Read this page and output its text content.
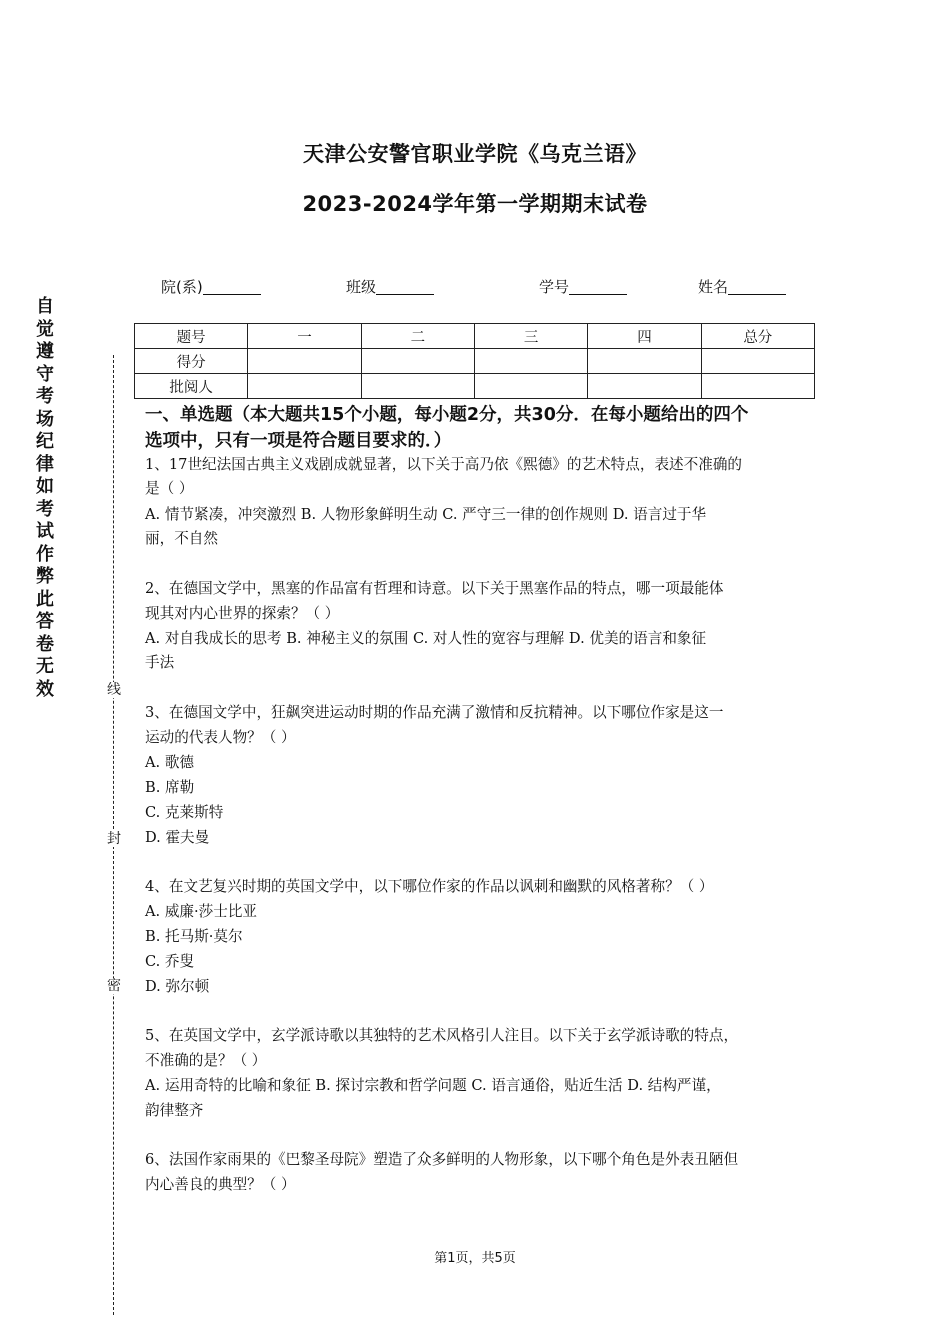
天津公安警官职业学院《乌克兰语》
2023-2024学年第一学期期末试卷
院(系)	班级	学号	姓名
自觉遵守考场纪律如考试作弊此答卷无效	线
封
密
题号	一	二	三	四	总分
得分					
批阅人					
一、单选题（本大题共15个小题，每小题2分，共30分．在每小题给出的四个
选项中，只有一项是符合题目要求的．）
1、17世纪法国古典主义戏剧成就显著，以下关于高乃依《熙德》的艺术特点，表述不准确的
是（ ）
A. 情节紧凑，冲突激烈 B. 人物形象鲜明生动 C. 严守三一律的创作规则 D. 语言过于华
丽，不自然
2、在德国文学中，黑塞的作品富有哲理和诗意。以下关于黑塞作品的特点，哪一项最能体
现其对内心世界的探索？（ ）
A. 对自我成长的思考 B. 神秘主义的氛围 C. 对人性的宽容与理解 D. 优美的语言和象征
手法
3、在德国文学中，狂飙突进运动时期的作品充满了激情和反抗精神。以下哪位作家是这一
运动的代表人物？（ ）
A. 歌德
B. 席勒
C. 克莱斯特
D. 霍夫曼
4、在文艺复兴时期的英国文学中，以下哪位作家的作品以讽刺和幽默的风格著称？（ ）
A. 威廉·莎士比亚
B. 托马斯·莫尔
C. 乔叟
D. 弥尔顿
5、在英国文学中，玄学派诗歌以其独特的艺术风格引人注目。以下关于玄学派诗歌的特点，
不准确的是？（ ）
A. 运用奇特的比喻和象征 B. 探讨宗教和哲学问题 C. 语言通俗，贴近生活 D. 结构严谨，
韵律整齐
6、法国作家雨果的《巴黎圣母院》塑造了众多鲜明的人物形象，以下哪个角色是外表丑陋但
内心善良的典型？（ ）
第1页，共5页
